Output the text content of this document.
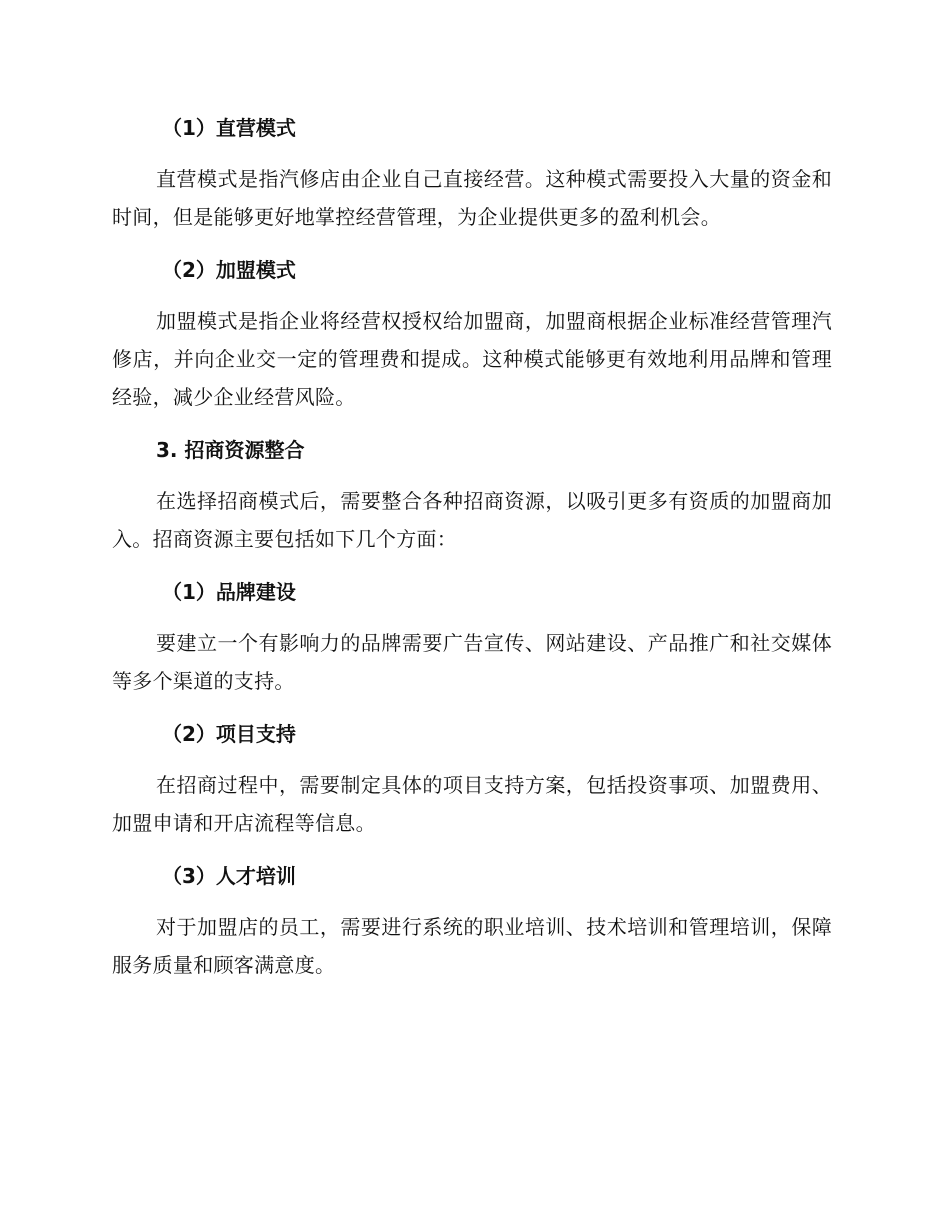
（1）直营模式

直营模式是指汽修店由企业自己直接经营。这种模式需要投入大量的资金和时间，但是能够更好地掌控经营管理，为企业提供更多的盈利机会。

（2）加盟模式

加盟模式是指企业将经营权授权给加盟商，加盟商根据企业标准经营管理汽修店，并向企业交一定的管理费和提成。这种模式能够更有效地利用品牌和管理经验，减少企业经营风险。

3. 招商资源整合

在选择招商模式后，需要整合各种招商资源，以吸引更多有资质的加盟商加入。招商资源主要包括如下几个方面：

（1）品牌建设

要建立一个有影响力的品牌需要广告宣传、网站建设、产品推广和社交媒体等多个渠道的支持。

（2）项目支持

在招商过程中，需要制定具体的项目支持方案，包括投资事项、加盟费用、加盟申请和开店流程等信息。

（3）人才培训

对于加盟店的员工，需要进行系统的职业培训、技术培训和管理培训，保障服务质量和顾客满意度。
